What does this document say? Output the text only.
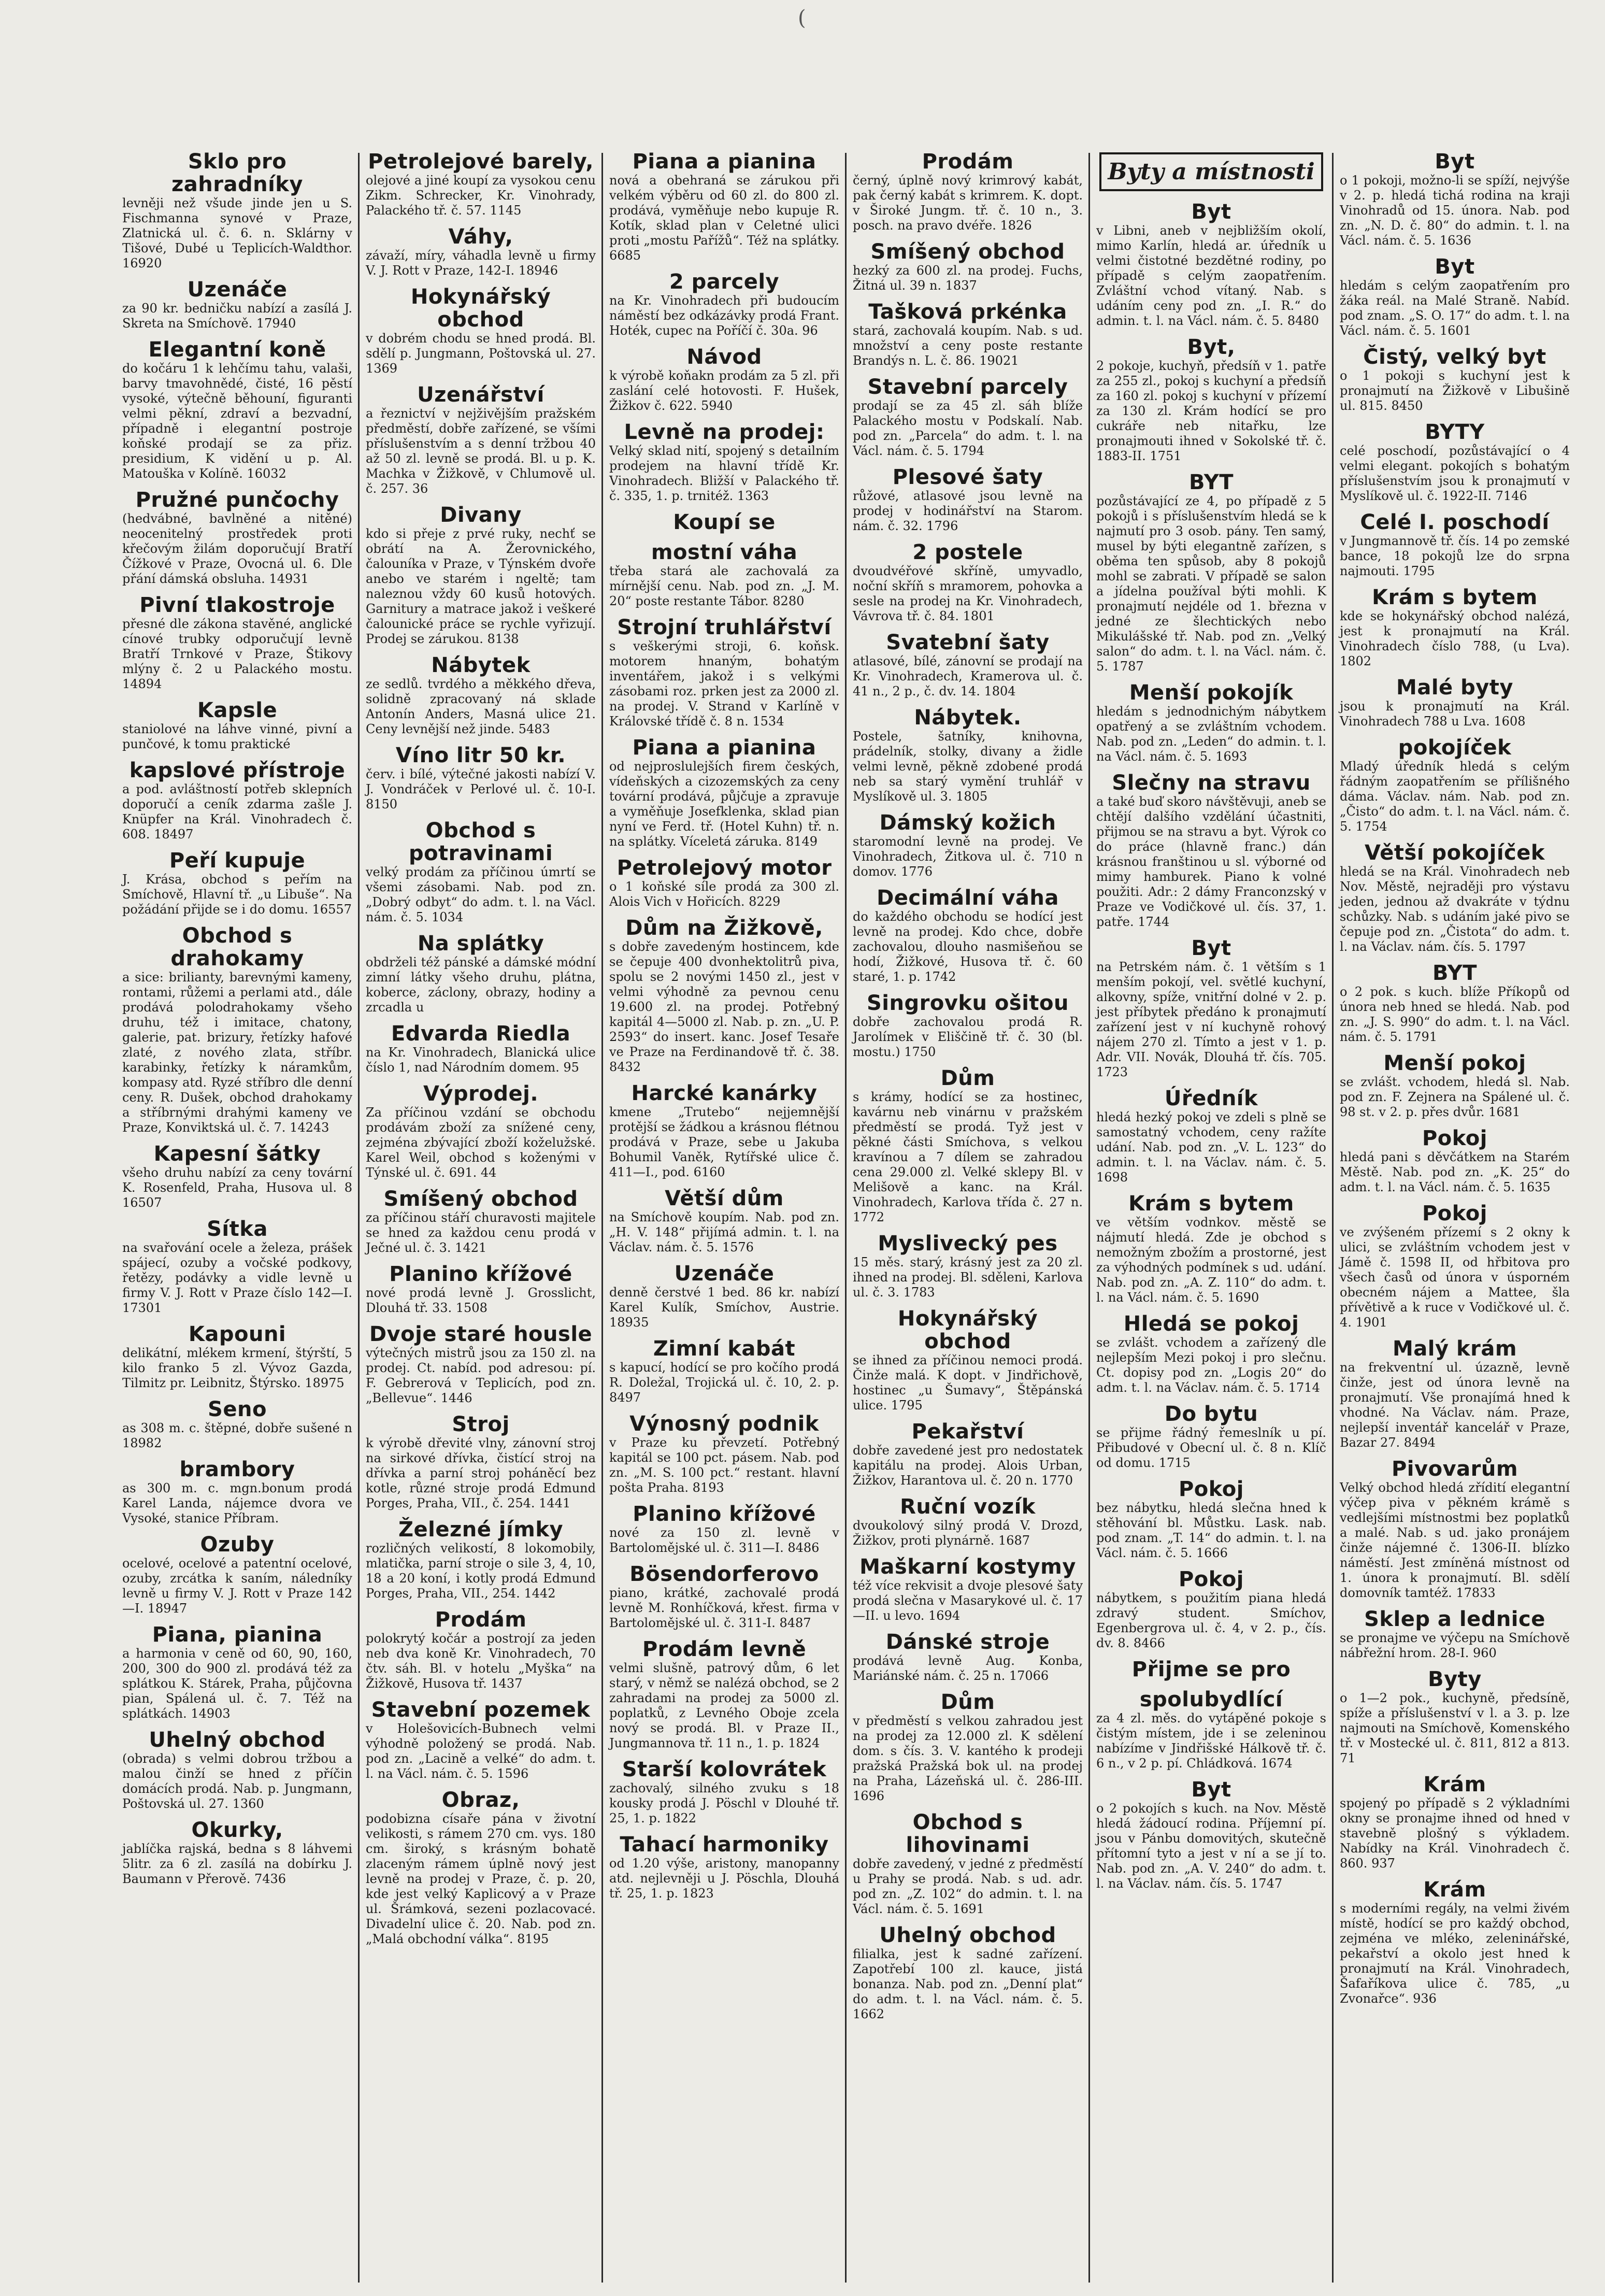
(
Sklo pro zahradníky
levněji než všude jinde jen u S. Fischmanna synové v Praze, Zlatnická ul. č. 6. n. Sklárny v Tišové, Dubé u Teplicích-Waldthor. 16920
Uzenáče
za 90 kr. bedničku nabízí a zasílá J. Skreta na Smíchově. 17940
Elegantní koně
do kočáru 1 k lehčímu tahu, valaši, barvy tmavohnědé, čisté, 16 pěstí vysoké, výtečně běhouní, figuranti velmi pěkní, zdraví a bezvadní, případně i elegantní postroje koňské prodají se za přiz. presidium, K vidění u p. Al. Matouška v Kolíně. 16032
Pružné punčochy
(hedvábné, bavlněné a nitěné) neocenitelný prostředek proti křečovým žilám doporučují Bratří Čížkové v Praze, Ovocná ul. 6. Dle přání dámská obsluha. 14931
Pivní tlakostroje
přesné dle zákona stavěné, anglické cínové trubky odporučují levně Bratří Trnkové v Praze, Štikovy mlýny č. 2 u Palackého mostu. 14894
Kapsle
staniolové na láhve vinné, pivní a punčové, k tomu praktické
kapslové přístroje
a pod. avláštností potřeb sklepních doporučí a ceník zdarma zašle J. Knüpfer na Král. Vinohradech č. 608. 18497
Peří kupuje
J. Krása, obchod s peřím na Smíchově, Hlavní tř. „u Libuše“. Na požádání přijde se i do domu. 16557
Obchod s drahokamy
a sice: brilianty, barevnými kameny, rontami, růžemi a perlami atd., dále prodává polodrahokamy všeho druhu, též i imitace, chatony, galerie, pat. brizury, řetízky hafové zlaté, z nového zlata, stříbr. karabinky, řetízky k náramkům, kompasy atd. Ryzé stříbro dle denní ceny. R. Dušek, obchod drahokamy a stříbrnými drahými kameny ve Praze, Konviktská ul. č. 7. 14243
Kapesní šátky
všeho druhu nabízí za ceny tovární K. Rosenfeld, Praha, Husova ul. 8 16507
Sítka
na svařování ocele a železa, prášek spájecí, ozuby a vočské podkovy, řetězy, podávky a vidle levně u firmy V. J. Rott v Praze číslo 142—I. 17301
Kapouni
delikátní, mlékem krmení, štýrští, 5 kilo franko 5 zl. Vývoz Gazda, Tilmitz pr. Leibnitz, Štýrsko. 18975
Seno
as 308 m. c. štěpné, dobře sušené n 18982
brambory
as 300 m. c. mgn.bonum prodá Karel Landa, nájemce dvora ve Vysoké, stanice Příbram.
Ozuby
ocelové, ocelové a patentní ocelové, ozuby, zrcátka k saním, náledníky levně u firmy V. J. Rott v Praze 142—I. 18947
Piana, pianina
a harmonia v ceně od 60, 90, 160, 200, 300 do 900 zl. prodává též za splátkou K. Stárek, Praha, půjčovna pian, Spálená ul. č. 7. Též na splátkách. 14903
Uhelný obchod
(obrada) s velmi dobrou tržbou a malou činží se hned z příčin domácích prodá. Nab. p. Jungmann, Poštovská ul. 27. 1360
Okurky,
jablíčka rajská, bedna s 8 láhvemi 5litr. za 6 zl. zasílá na dobírku J. Baumann v Přerově. 7436
Petrolejové barely,
olejové a jiné koupí za vysokou cenu Zikm. Schrecker, Kr. Vinohrady, Palackého tř. č. 57. 1145
Váhy,
závaží, míry, váhadla levně u firmy V. J. Rott v Praze, 142-I. 18946
Hokynářský obchod
v dobrém chodu se hned prodá. Bl. sdělí p. Jungmann, Poštovská ul. 27. 1369
Uzenářství
a řeznictví v nejživějším pražském předměstí, dobře zařízené, se všími příslušenstvím a s denní tržbou 40 až 50 zl. levně se prodá. Bl. u p. K. Machka v Žižkově, v Chlumově ul. č. 257. 36
Divany
kdo si přeje z prvé ruky, nechť se obrátí na A. Žerovnického, čalouníka v Praze, v Týnském dvoře anebo ve starém i ngeltě; tam naleznou vždy 60 kusů hotových. Garnitury a matrace jakož i veškeré čalounické práce se rychle vyřizují. Prodej se zárukou. 8138
Nábytek
ze sedlů. tvrdého a měkkého dřeva, solidně zpracovaný ná sklade Antonín Anders, Masná ulice 21. Ceny levnější než jinde. 5483
Víno litr 50 kr.
červ. i bílé, výtečné jakosti nabízí V. J. Vondráček v Perlové ul. č. 10-I. 8150
Obchod s potravinami
velký prodám za příčinou úmrtí se všemi zásobami. Nab. pod zn. „Dobrý odbyt“ do adm. t. l. na Václ. nám. č. 5. 1034
Na splátky
obdrželi též pánské a dámské módní zimní látky všeho druhu, plátna, koberce, záclony, obrazy, hodiny a zrcadla u
Edvarda Riedla
na Kr. Vinohradech, Blanická ulice číslo 1, nad Národním domem. 95
Výprodej.
Za příčinou vzdání se obchodu prodávám zboží za snížené ceny, zejména zbývající zboží koželužské. Karel Weil, obchod s koženými v Týnské ul. č. 691. 44
Smíšený obchod
za příčinou stáří churavosti majitele se hned za každou cenu prodá v Ječné ul. č. 3. 1421
Planino křížové
nové prodá levně J. Grosslicht, Dlouhá tř. 33. 1508
Dvoje staré housle
výtečných mistrů jsou za 150 zl. na prodej. Ct. nabíd. pod adresou: pí. F. Gebrerová v Teplicích, pod zn. „Bellevue“. 1446
Stroj
k výrobě dřevité vlny, zánovní stroj na sirkové dřívka, čistící stroj na dřívka a parní stroj poháněcí bez kotle, různé stroje prodá Edmund Porges, Praha, VII., č. 254. 1441
Železné jímky
rozličných velikostí, 8 lokomobily, mlatička, parní stroje o sile 3, 4, 10, 18 a 20 koní, i kotly prodá Edmund Porges, Praha, VII., 254. 1442
Prodám
polokrytý kočár a postrojí za jeden neb dva koně Kr. Vinohradech, 70 čtv. sáh. Bl. v hotelu „Myška“ na Žižkově, Husova tř. 1437
Stavební pozemek
v Holešovicích-Bubnech velmi výhodně položený se prodá. Nab. pod zn. „Lacině a velké“ do adm. t. l. na Václ. nám. č. 5. 1596
Obraz,
podobizna císaře pána v životní velikosti, s rámem 270 cm. vys. 180 cm. široký, s krásným bohatě zlaceným rámem úplně nový jest levně na prodej v Praze, č. p. 20, kde jest velký Kaplicový a v Praze ul. Šrámková, sezeni pozlacovacé. Divadelní ulice č. 20. Nab. pod zn. „Malá obchodní válka“. 8195
Piana a pianina
nová a obehraná se zárukou při velkém výběru od 60 zl. do 800 zl. prodává, vyměňuje nebo kupuje R. Kotík, sklad plan v Celetné ulici proti „mostu Pařížů“. Též na splátky. 6685
2 parcely
na Kr. Vinohradech při budoucím náměstí bez odkázávky prodá Frant. Hoték, cupec na Poříčí č. 30a. 96
Návod
k výrobě koňakn prodám za 5 zl. při zaslání celé hotovosti. F. Hušek, Žižkov č. 622. 5940
Levně na prodej:
Velký sklad nití, spojený s detailním prodejem na hlavní třídě Kr. Vinohradech. Bližší v Palackého tř. č. 335, 1. p. trnitéž. 1363
Koupí se
mostní váha
třeba stará ale zachovalá za mírnější cenu. Nab. pod zn. „J. M. 20“ poste restante Tábor. 8280
Strojní truhlářství
s veškerými stroji, 6. koňsk. motorem hnaným, bohatým inventářem, jakož i s velkými zásobami roz. prken jest za 2000 zl. na prodej. V. Strand v Karlíně v Královské třídě č. 8 n. 1534
Piana a pianina
od nejproslulejších firem českých, vídeňských a cizozemských za ceny tovární prodává, půjčuje a zpravuje a vyměňuje Josefklenka, sklad pian nyní ve Ferd. tř. (Hotel Kuhn) tř. n. na splátky. Víceletá záruka. 8149
Petrolejový motor
o 1 koňské síle prodá za 300 zl. Alois Vich v Hořicích. 8229
Dům na Žižkově,
s dobře zavedeným hostincem, kde se čepuje 400 dvonhektolitrů piva, spolu se 2 novými 1450 zl., jest v velmi výhodně za pevnou cenu 19.600 zl. na prodej. Potřebný kapitál 4—5000 zl. Nab. p. zn. „U. P. 2593“ do insert. kanc. Josef Tesaře ve Praze na Ferdinandově tř. č. 38. 8432
Harcké kanárky
kmene „Trutebo“ nejjemnější protější se žádkou a krásnou flétnou prodává v Praze, sebe u Jakuba Bohumil Vaněk, Rytířské ulice č. 411—I., pod. 6160
Větší dům
na Smíchově koupím. Nab. pod zn. „H. V. 148“ přijímá admin. t. l. na Václav. nám. č. 5. 1576
Uzenáče
denně čerstvé 1 bed. 86 kr. nabízí Karel Kulík, Smíchov, Austrie. 18935
Zimní kabát
s kapucí, hodící se pro kočího prodá R. Doležal, Trojická ul. č. 10, 2. p. 8497
Výnosný podnik
v Praze ku převzetí. Potřebný kapitál se 100 pct. pásem. Nab. pod zn. „M. S. 100 pct.“ restant. hlavní pošta Praha. 8193
Planino křížové
nové za 150 zl. levně v Bartolomějské ul. č. 311—I. 8486
Bösendorferovo
piano, krátké, zachovalé prodá levně M. Ronhíčková, křest. firma v Bartolomějské ul. č. 311-I. 8487
Prodám levně
velmi slušně, patrový dům, 6 let starý, v němž se nalézá obchod, se 2 zahradami na prodej za 5000 zl. poplatků, z Levného Oboje zcela nový se prodá. Bl. v Praze II., Jungmannova tř. 11 n., 1. p. 1824
Starší kolovrátek
zachovalý, silného zvuku s 18 kousky prodá J. Pöschl v Dlouhé tř. 25, 1. p. 1822
Tahací harmoniky
od 1.20 výše, aristony, manopanny atd. nejlevněji u J. Pöschla, Dlouhá tř. 25, 1. p. 1823
Prodám
černý, úplně nový krimrový kabát, pak černý kabát s krimrem. K. dopt. v Široké Jungm. tř. č. 10 n., 3. posch. na pravo dvéře. 1826
Smíšený obchod
hezký za 600 zl. na prodej. Fuchs, Žitná ul. 39 n. 1837
Tašková prkénka
stará, zachovalá koupím. Nab. s ud. množství a ceny poste restante Brandýs n. L. č. 86. 19021
Stavební parcely
prodají se za 45 zl. sáh blíže Palackého mostu v Podskalí. Nab. pod zn. „Parcela“ do adm. t. l. na Václ. nám. č. 5. 1794
Plesové šaty
růžové, atlasové jsou levně na prodej v hodinářství na Starom. nám. č. 32. 1796
2 postele
dvoudvéřové skříně, umyvadlo, noční skříň s mramorem, pohovka a sesle na prodej na Kr. Vinohradech, Vávrova tř. č. 84. 1801
Svatební šaty
atlasové, bílé, zánovní se prodají na Kr. Vinohradech, Kramerova ul. č. 41 n., 2 p., č. dv. 14. 1804
Nábytek.
Postele, šatníky, knihovna, prádelník, stolky, divany a židle velmi levně, pěkně zdobené prodá neb sa starý vymění truhlář v Myslíkově ul. 3. 1805
Dámský kožich
staromodní levně na prodej. Ve Vinohradech, Žitkova ul. č. 710 n domov. 1776
Decimální váha
do každého obchodu se hodící jest levně na prodej. Kdo chce, dobře zachovalou, dlouho nasmišeňou se hodí, Žižkové, Husova tř. č. 60 staré, 1. p. 1742
Singrovku ošitou
dobře zachovalou prodá R. Jarolímek v Eliščině tř. č. 30 (bl. mostu.) 1750
Dům
s krámy, hodící se za hostinec, kavárnu neb vinárnu v pražském předměstí se prodá. Tyž jest v pěkné části Smíchova, s velkou kravínou a 7 dílem se zahradou cena 29.000 zl. Velké sklepy Bl. v Melišově a kanc. na Král. Vinohradech, Karlova třída č. 27 n. 1772
Myslivecký pes
15 měs. starý, krásný jest za 20 zl. ihned na prodej. Bl. sděleni, Karlova ul. č. 3. 1783
Hokynářský obchod
se ihned za příčinou nemoci prodá. Činže malá. K dopt. v Jindřichově, hostinec „u Šumavy“, Štěpánská ulice. 1795
Pekařství
dobře zavedené jest pro nedostatek kapitálu na prodej. Alois Urban, Žižkov, Harantova ul. č. 20 n. 1770
Ruční vozík
dvoukolový silný prodá V. Drozd, Žižkov, proti plynárně. 1687
Maškarní kostymy
též více rekvisit a dvoje plesové šaty prodá slečna v Masarykové ul. č. 17—II. u levo. 1694
Dánské stroje
prodává levně Aug. Konba, Mariánské nám. č. 25 n. 17066
Dům
v předměstí s velkou zahradou jest na prodej za 12.000 zl. K sdělení dom. s čís. 3. V. kantého k prodeji pražská Pražská bok ul. na prodej na Praha, Lázeňská ul. č. 286-III. 1696
Obchod s lihovinami
dobře zavedený, v jedné z předměstí u Prahy se prodá. Nab. s ud. adr. pod zn. „Z. 102“ do admin. t. l. na Václ. nám. č. 5. 1691
Uhelný obchod
filialka, jest k sadné zařízení. Zapotřebí 100 zl. kauce, jistá bonanza. Nab. pod zn. „Denní plat“ do adm. t. l. na Václ. nám. č. 5. 1662
Byty a místnosti
Byt
v Libni, aneb v nejbližším okolí, mimo Karlín, hledá ar. úředník u velmi čistotné bezdětné rodiny, po případě s celým zaopatřením. Zvláštní vchod vítaný. Nab. s udáním ceny pod zn. „I. R.“ do admin. t. l. na Václ. nám. č. 5. 8480
Byt,
2 pokoje, kuchyň, předsíň v 1. patře za 255 zl., pokoj s kuchyní a předsíň za 160 zl. pokoj s kuchyní v přízemí za 130 zl. Krám hodící se pro cukráře neb nitařku, lze pronajmouti ihned v Sokolské tř. č. 1883-II. 1751
BYT
pozůstávající ze 4, po případě z 5 pokojů i s příslušenstvím hledá se k najmutí pro 3 osob. pány. Ten samý, musel by býti elegantně zařízen, s oběma ten spůsob, aby 8 pokojů mohl se zabrati. V případě se salon a jídelna používal býti mohli. K pronajmutí nejdéle od 1. března v jedné ze šlechtických nebo Mikulášské tř. Nab. pod zn. „Velký salon“ do adm. t. l. na Václ. nám. č. 5. 1787
Menší pokojík
hledám s jednodnichým nábytkem opatřený a se zvláštním vchodem. Nab. pod zn. „Leden“ do admin. t. l. na Václ. nám. č. 5. 1693
Slečny na stravu
a také buď skoro návštěvuji, aneb se chtějí dalšího vzdělání účastniti, přijmou se na stravu a byt. Výrok co do práce (hlavně franc.) dán krásnou franštinou u sl. výborné od mimy hamburek. Piano k volné použiti. Adr.: 2 dámy Franconzský v Praze ve Vodičkové ul. čís. 37, 1. patře. 1744
Byt
na Petrském nám. č. 1 větším s 1 menším pokojí, vel. světlé kuchyní, alkovny, spíže, vnitřní dolné v 2. p. jest příbytek předáno k pronajmutí zařízení jest v ní kuchyně rohový nájem 270 zl. Tímto a jest v 1. p. Adr. VII. Novák, Dlouhá tř. čís. 705. 1723
Úředník
hledá hezký pokoj ve zdeli s plně se samostatný vchodem, ceny ražíte udání. Nab. pod zn. „V. L. 123“ do admin. t. l. na Václav. nám. č. 5. 1698
Krám s bytem
ve větším vodnkov. městě se nájmutí hledá. Zde je obchod s nemožným zbožím a prostorné, jest za výhodných podmínek s ud. udání. Nab. pod zn. „A. Z. 110“ do adm. t. l. na Václ. nám. č. 5. 1690
Hledá se pokoj
se zvlášt. vchodem a zařízený dle nejlepším Mezi pokoj i pro slečnu. Ct. dopisy pod zn. „Logis 20“ do adm. t. l. na Václav. nám. č. 5. 1714
Do bytu
se přijme řádný řemeslník u pí. Přibudové v Obecní ul. č. 8 n. Klíč od domu. 1715
Pokoj
bez nábytku, hledá slečna hned k stěhování bl. Můstku. Lask. nab. pod znam. „T. 14“ do admin. t. l. na Václ. nám. č. 5. 1666
Pokoj
nábytkem, s použitím piana hledá zdravý student. Smíchov, Egenbergrova ul. č. 4, v 2. p., čís. dv. 8. 8466
Přijme se pro
spolubydlící
za 4 zl. měs. do vytápěné pokoje s čistým místem, jde i se zeleninou nabízíme v Jindřišské Hálkově tř. č. 6 n., v 2 p. pí. Chládková. 1674
Byt
o 2 pokojích s kuch. na Nov. Městě hledá žádoucí rodina. Příjemní pí. jsou v Pánbu domovitých, skutečně přítomní tyto a jest v ní a se jí to. Nab. pod zn. „A. V. 240“ do adm. t. l. na Václav. nám. čís. 5. 1747
Byt
o 1 pokoji, možno-li se spíží, nejvýše v 2. p. hledá tichá rodina na kraji Vinohradů od 15. února. Nab. pod zn. „N. D. č. 80“ do admin. t. l. na Václ. nám. č. 5. 1636
Byt
hledám s celým zaopatřením pro žáka reál. na Malé Straně. Nabíd. pod znam. „S. O. 17“ do adm. t. l. na Václ. nám. č. 5. 1601
Čistý, velký byt
o 1 pokoji s kuchyní jest k pronajmutí na Žižkově v Libušině ul. 815. 8450
BYTY
celé poschodí, pozůstávající o 4 velmi elegant. pokojích s bohatým příslušenstvím jsou k pronajmutí v Myslíkově ul. č. 1922-II. 7146
Celé I. poschodí
v Jungmannově tř. čís. 14 po zemské bance, 18 pokojů lze do srpna najmouti. 1795
Krám s bytem
kde se hokynářský obchod nalézá, jest k pronajmutí na Král. Vinohradech číslo 788, (u Lva). 1802
Malé byty
jsou k pronajmutí na Král. Vinohradech 788 u Lva. 1608
pokojíček
Mladý úředník hledá s celým řádným zaopatřením se přílišného dáma. Václav. nám. Nab. pod zn. „Čisto“ do adm. t. l. na Václ. nám. č. 5. 1754
Větší pokojíček
hledá se na Král. Vinohradech neb Nov. Městě, nejraději pro výstavu jeden, jednou až dvakráte v týdnu schůzky. Nab. s udáním jaké pivo se čepuje pod zn. „Čistota“ do adm. t. l. na Václav. nám. čís. 5. 1797
BYT
o 2 pok. s kuch. blíže Příkopů od února neb hned se hledá. Nab. pod zn. „J. S. 990“ do adm. t. l. na Václ. nám. č. 5. 1791
Menší pokoj
se zvlášt. vchodem, hledá sl. Nab. pod zn. F. Zejnera na Spálené ul. č. 98 st. v 2. p. přes dvůr. 1681
Pokoj
hledá pani s děvčátkem na Starém Městě. Nab. pod zn. „K. 25“ do adm. t. l. na Václ. nám. č. 5. 1635
Pokoj
ve zvýšeném přízemí s 2 okny k ulici, se zvláštním vchodem jest v Jámě č. 1598 II, od hřbitova pro všech časů od února v úsporném obecném nájem a Mattee, šla přívětivě a k ruce v Vodičkové ul. č. 4. 1901
Malý krám
na frekventní ul. úzazně, levně činže, jest od února levně na pronajmutí. Vše pronajímá hned k vhodné. Na Václav. nám. Praze, nejlepší inventář kancelář v Praze, Bazar 27. 8494
Pivovarům
Velký obchod hledá zřídití elegantní výčep piva v pěkném krámě s vedlejšími místnostmi bez poplatků a malé. Nab. s ud. jako pronájem činže nájemné č. 1306-II. blízko náměstí. Jest zmíněná místnost od 1. února k pronajmutí. Bl. sdělí domovník tamtéž. 17833
Sklep a lednice
se pronajme ve výčepu na Smíchově nábřežní hrom. 28-I. 960
Byty
o 1—2 pok., kuchyně, předsíně, spíže a příslušenství v l. a 3. p. lze najmouti na Smíchově, Komenského tř. v Mostecké ul. č. 811, 812 a 813. 71
Krám
spojený po případě s 2 výkladními okny se pronajme ihned od hned v stavebně plošný s výkladem. Nabídky na Král. Vinohradech č. 860. 937
Krám
s moderními regály, na velmi živém místě, hodící se pro každý obchod, zejména ve mléko, zeleninářské, pekařství a okolo jest hned k pronajmutí na Král. Vinohradech, Šafaříkova ulice č. 785, „u Zvonařce“. 936
